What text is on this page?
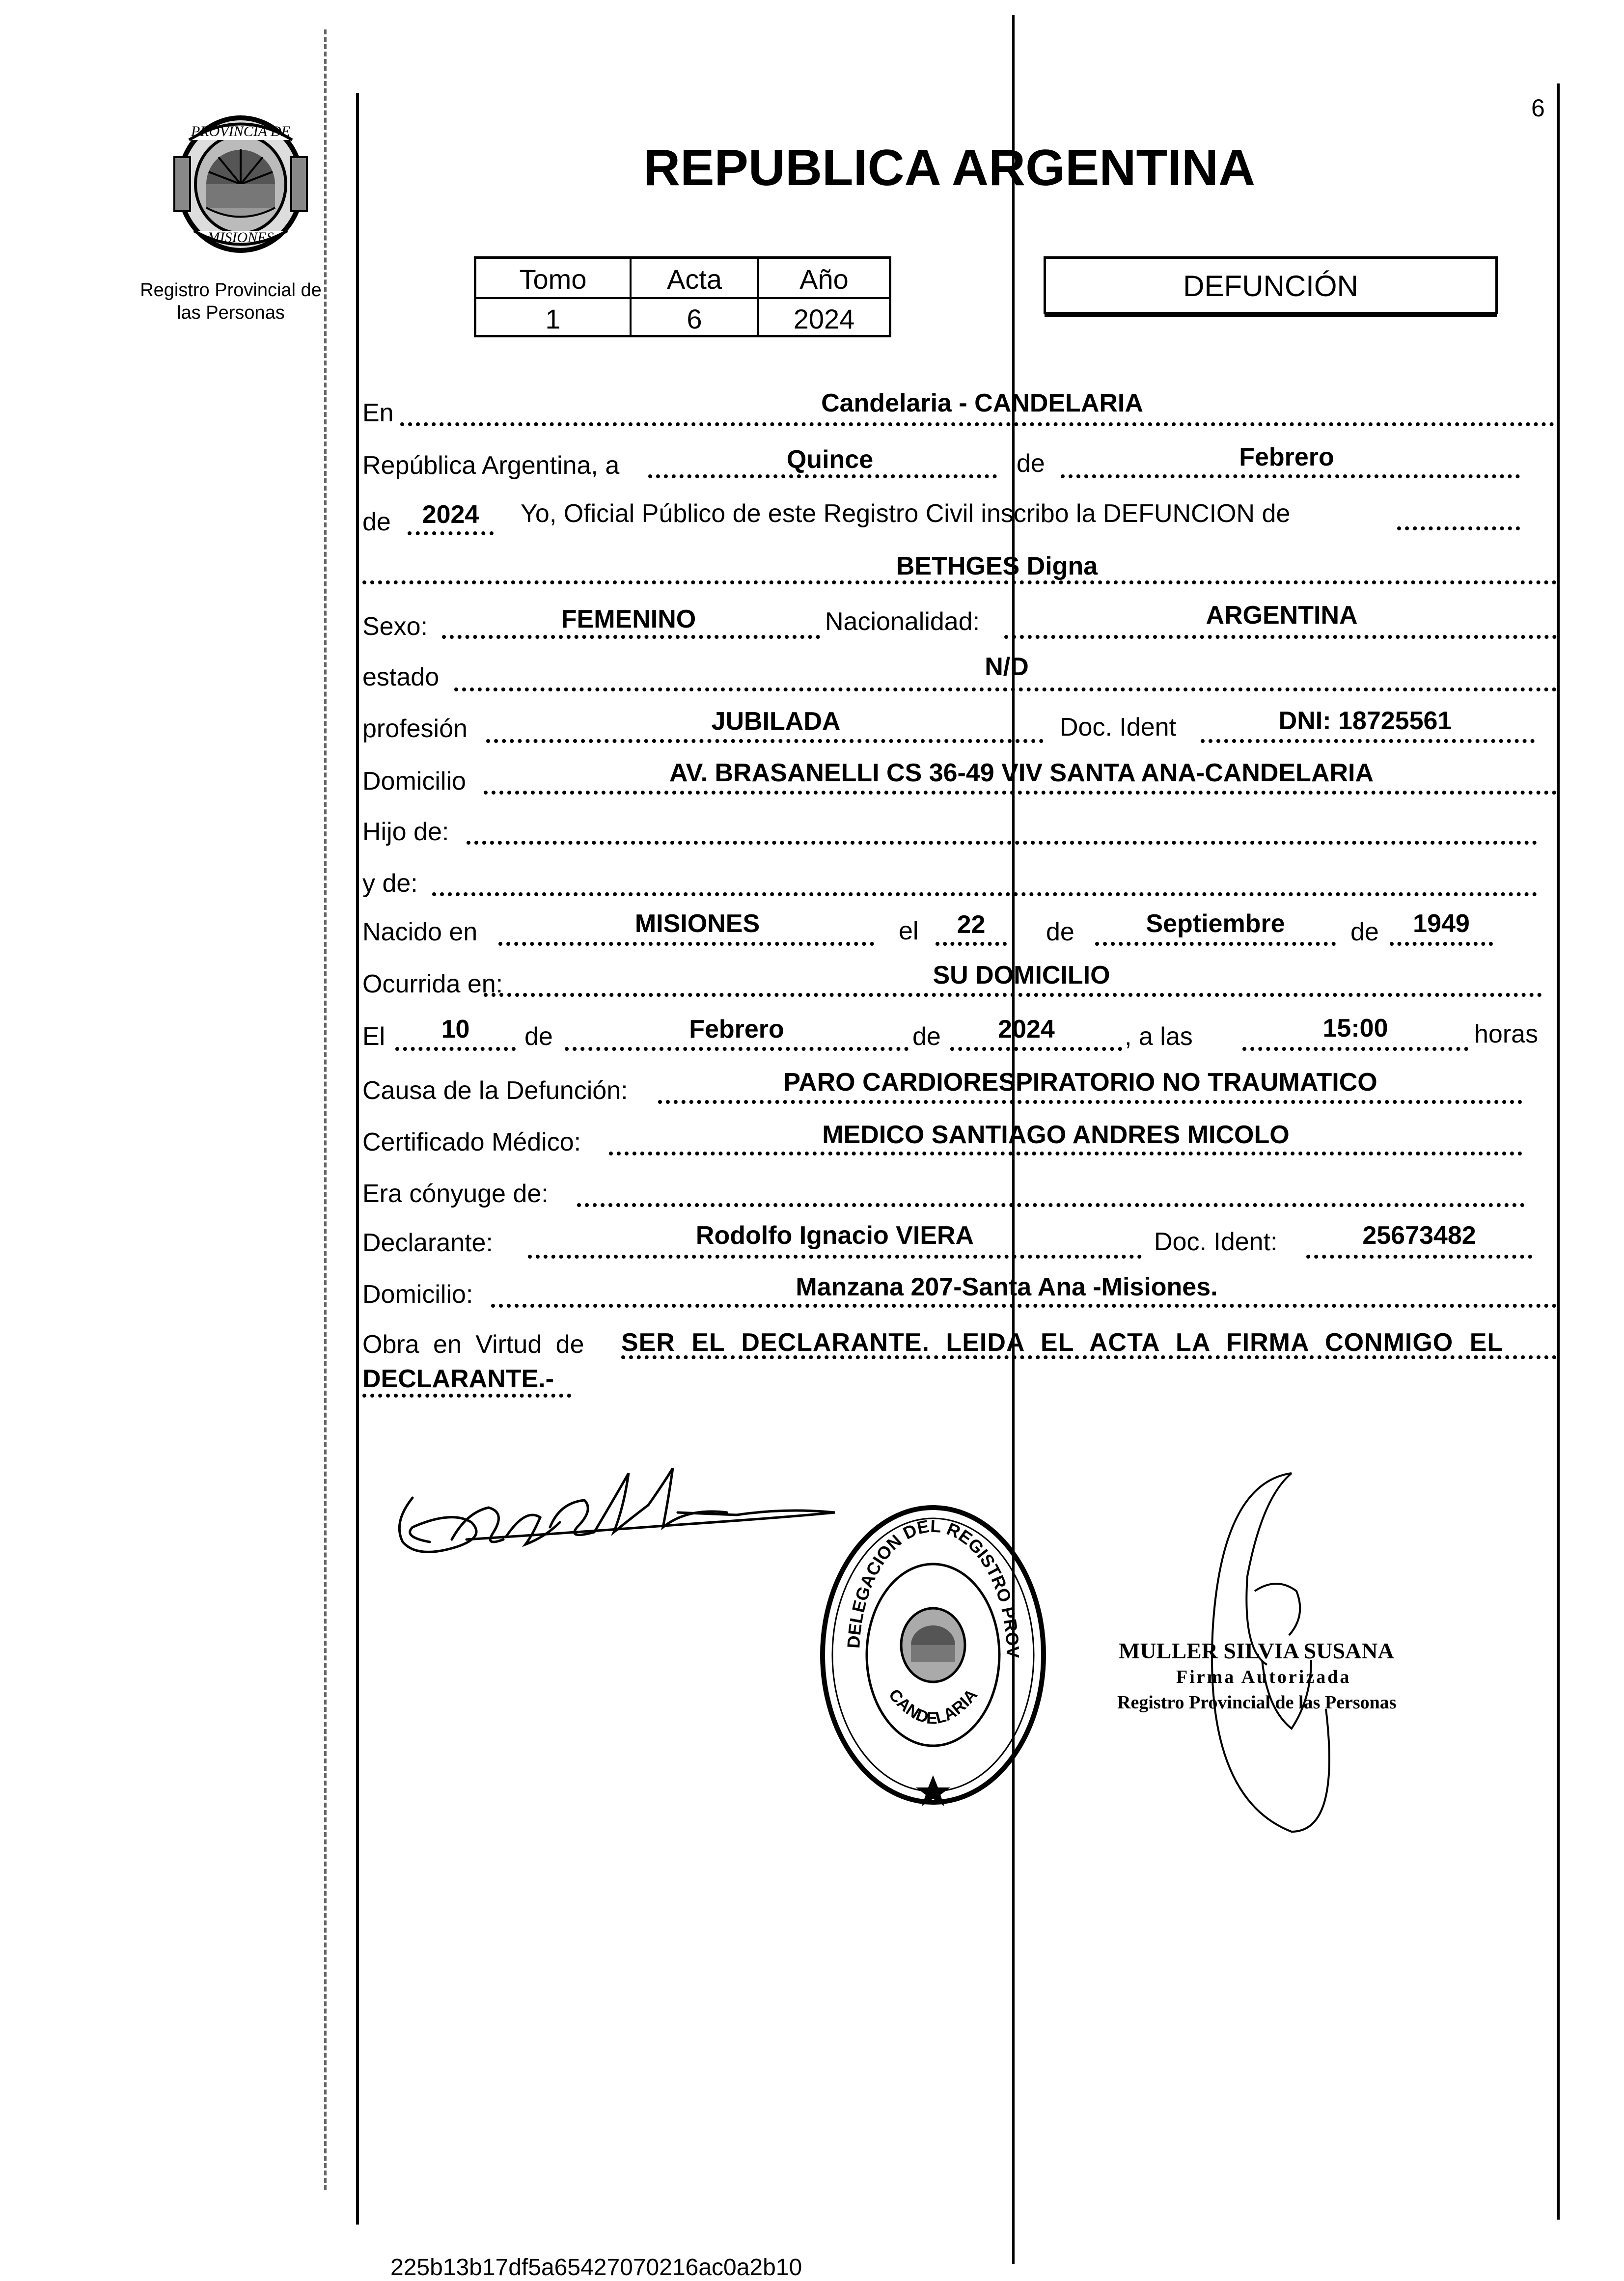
6
PROVINCIA DE
MISIONES
Registro Provincial de
las Personas
REPUBLICA ARGENTINA
Tomo	Acta	Año
1	6	2024
DEFUNCIÓN
En	Candelaria - CANDELARIA
República Argentina, a	Quince	de	Febrero
de	2024	Yo, Oficial Público de este Registro Civil inscribo la DEFUNCION de
BETHGES Digna
Sexo:	FEMENINO	Nacionalidad:	ARGENTINA
estado	N/D
profesión	JUBILADA	Doc. Ident	DNI: 18725561
Domicilio	AV. BRASANELLI CS 36-49 VIV SANTA ANA-CANDELARIA
Hijo de:
y de:
Nacido en	MISIONES	el	22	de	Septiembre	de	1949
Ocurrida en:	SU DOMICILIO
El	10	de	Febrero	de	2024	, a las	15:00	horas
Causa de la Defunción:	PARO CARDIORESPIRATORIO NO TRAUMATICO
Certificado Médico:	MEDICO SANTIAGO ANDRES MICOLO
Era cónyuge de:
Declarante:	Rodolfo Ignacio VIERA	Doc. Ident:	25673482
Domicilio:	Manzana 207-Santa Ana -Misiones.
Obra en Virtud de SER EL DECLARANTE. LEIDA EL ACTA LA FIRMA CONMIGO EL
DECLARANTE.-
DELEGACION DEL REGISTRO PROV
CANDELARIA
MULLER SILVIA SUSANA
Firma Autorizada
Registro Provincial de las Personas
225b13b17df5a65427070216ac0a2b10
